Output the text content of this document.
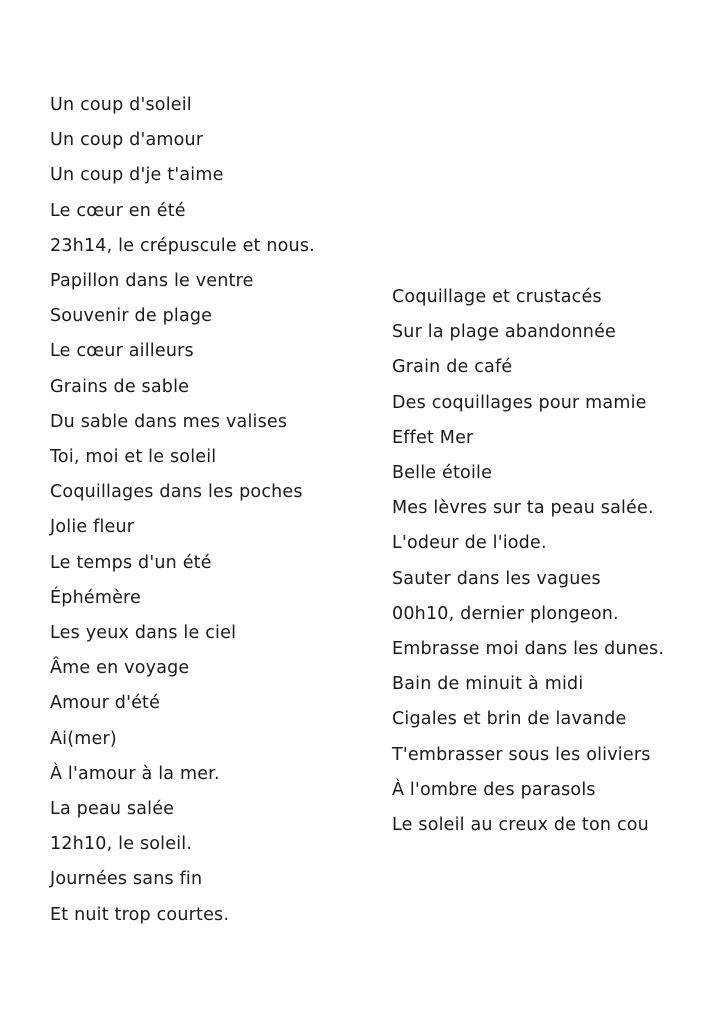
Un coup d'soleil
Un coup d'amour
Un coup d'je t'aime
Le cœur en été
23h14, le crépuscule et nous.
Papillon dans le ventre
Souvenir de plage
Le cœur ailleurs
Grains de sable
Du sable dans mes valises
Toi, moi et le soleil
Coquillages dans les poches
Jolie fleur
Le temps d'un été
Éphémère
Les yeux dans le ciel
Âme en voyage
Amour d'été
Ai(mer)
À l'amour à la mer.
La peau salée
12h10, le soleil.
Journées sans fin
Et nuit trop courtes.
Coquillage et crustacés
Sur la plage abandonnée
Grain de café
Des coquillages pour mamie
Effet Mer
Belle étoile
Mes lèvres sur ta peau salée.
L'odeur de l'iode.
Sauter dans les vagues
00h10, dernier plongeon.
Embrasse moi dans les dunes.
Bain de minuit à midi
Cigales et brin de lavande
T'embrasser sous les oliviers
À l'ombre des parasols
Le soleil au creux de ton cou
